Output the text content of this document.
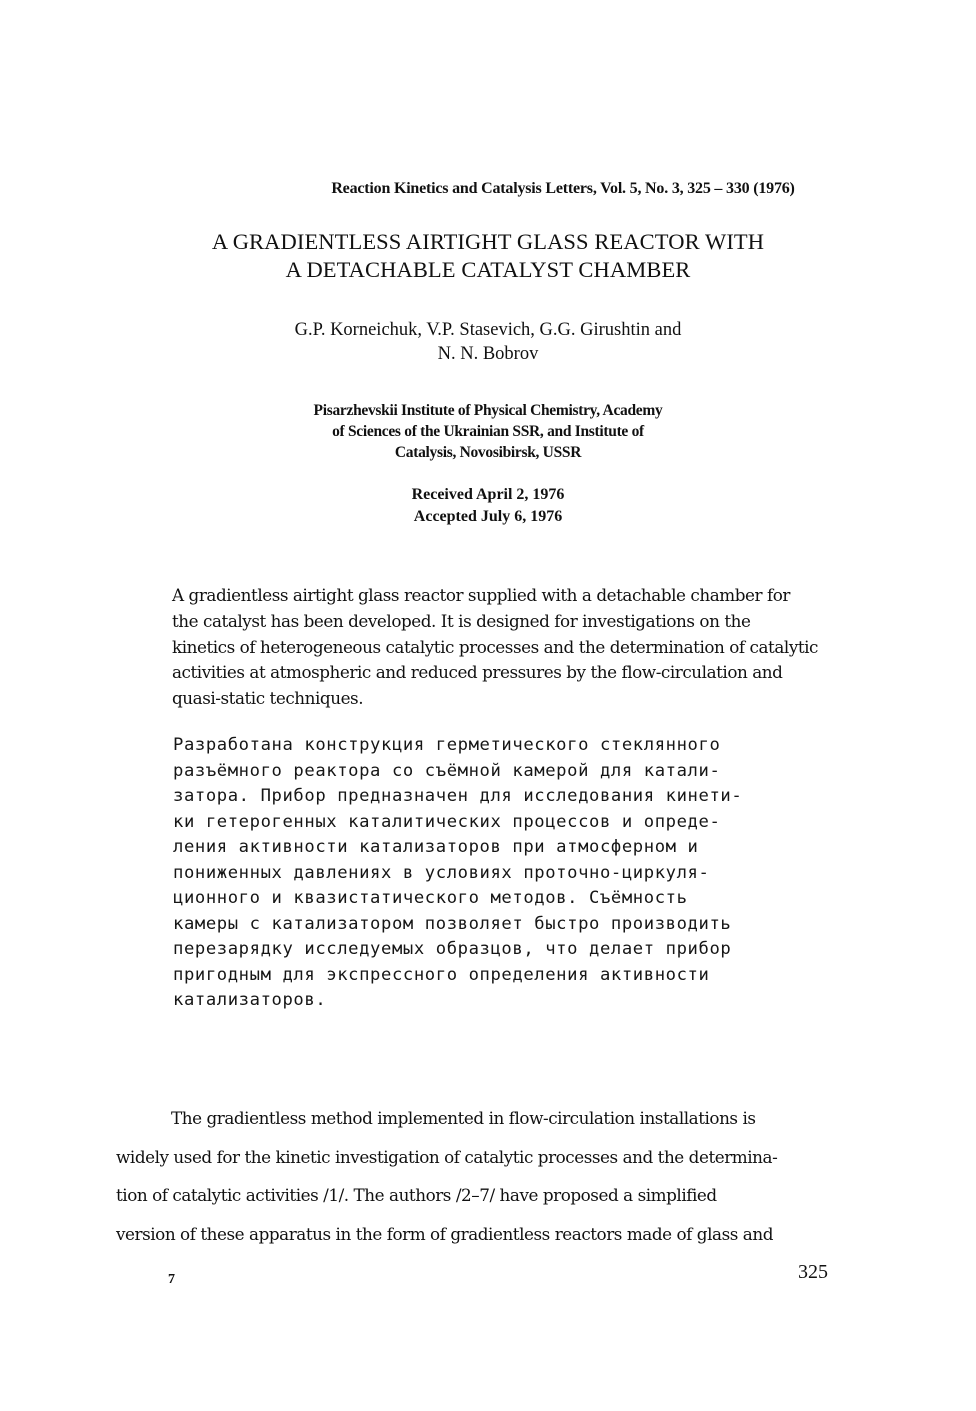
Reaction Kinetics and Catalysis Letters, Vol. 5, No. 3, 325 – 330 (1976)
A GRADIENTLESS AIRTIGHT GLASS REACTOR WITH
A DETACHABLE CATALYST CHAMBER
G.P. Korneichuk, V.P. Stasevich, G.G. Girushtin and
N. N. Bobrov
Pisarzhevskii Institute of Physical Chemistry, Academy
of Sciences of the Ukrainian SSR, and Institute of
Catalysis, Novosibirsk, USSR
Received April 2, 1976
Accepted July 6, 1976
A gradientless airtight glass reactor supplied with a detachable chamber for
the catalyst has been developed. It is designed for investigations on the
kinetics of heterogeneous catalytic processes and the determination of catalytic
activities at atmospheric and reduced pressures by the flow-circulation and
quasi-static techniques.
Разработана конструкция герметического стеклянного
разъёмного реактора со съёмной камерой для катали-
затора. Прибор предназначен для исследования кинети-
ки гетерогенных каталитических процессов и опреде-
ления активности катализаторов при атмосферном и
пониженных давлениях в условиях проточно-циркуля-
ционного и квазистатического методов. Съёмность
камеры с катализатором позволяет быстро производить
перезарядку исследуемых образцов, что делает прибор
пригодным для экспрессного определения активности
катализаторов.
The gradientless method implemented in flow-circulation installations is
widely used for the kinetic investigation of catalytic processes and the determina-
tion of catalytic activities /1/. The authors /2–7/ have proposed a simplified
version of these apparatus in the form of gradientless reactors made of glass and
7	325
